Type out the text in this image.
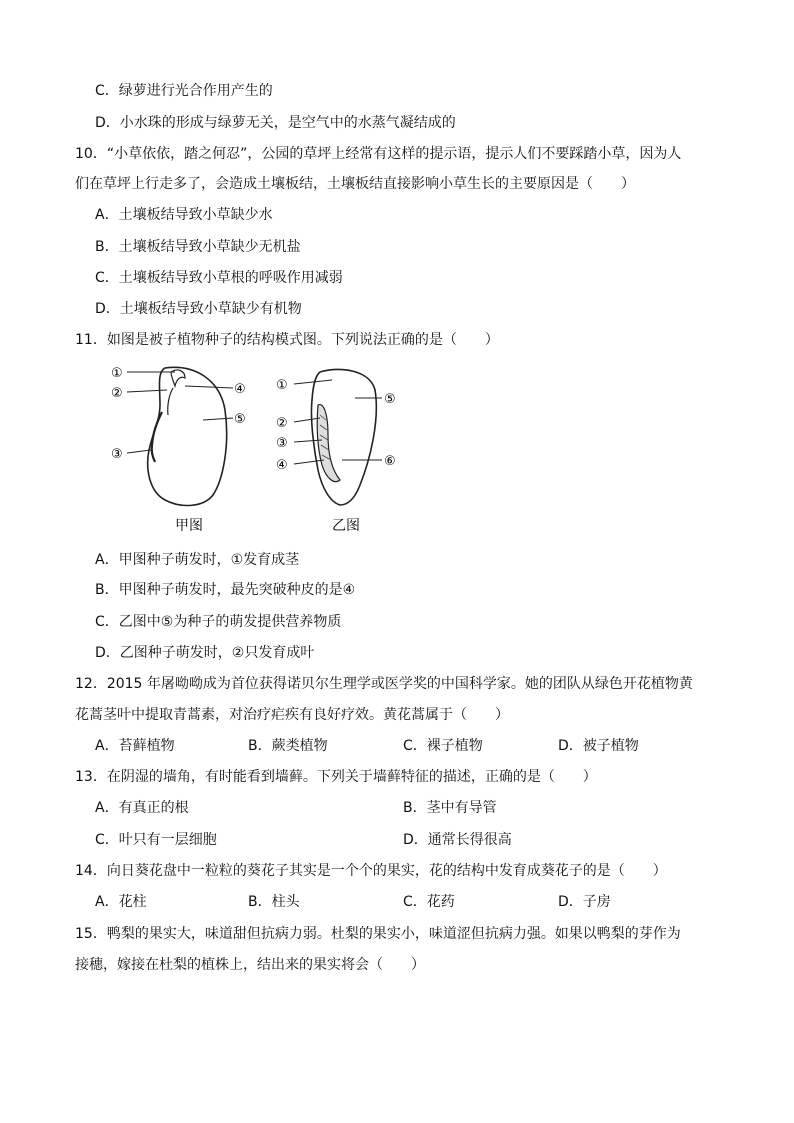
C．绿萝进行光合作用产生的
D．小水珠的形成与绿萝无关，是空气中的水蒸气凝结成的
10．“小草依依，踏之何忍”，公园的草坪上经常有这样的提示语，提示人们不要踩踏小草，因为人
们在草坪上行走多了，会造成土壤板结，土壤板结直接影响小草生长的主要原因是（　　）
A．土壤板结导致小草缺少水
B．土壤板结导致小草缺少无机盐
C．土壤板结导致小草根的呼吸作用减弱
D．土壤板结导致小草缺少有机物
11．如图是被子植物种子的结构模式图。下列说法正确的是（　　）
①
②
③
④
⑤
甲图
①
②
③
④
⑤
⑥
乙图
A．甲图种子萌发时，①发育成茎
B．甲图种子萌发时，最先突破种皮的是④
C．乙图中⑤为种子的萌发提供营养物质
D．乙图种子萌发时，②只发育成叶
12．2015 年屠呦呦成为首位获得诺贝尔生理学或医学奖的中国科学家。她的团队从绿色开花植物黄
花蒿茎叶中提取青蒿素，对治疗疟疾有良好疗效。黄花蒿属于（　　）
A．苔藓植物	B．蕨类植物	C．裸子植物	D．被子植物
13．在阴湿的墙角，有时能看到墙藓。下列关于墙藓特征的描述，正确的是（　　）
A．有真正的根	B．茎中有导管
C．叶只有一层细胞	D．通常长得很高
14．向日葵花盘中一粒粒的葵花子其实是一个个的果实，花的结构中发育成葵花子的是（　　）
A．花柱	B．柱头	C．花药	D．子房
15．鸭梨的果实大，味道甜但抗病力弱。杜梨的果实小，味道涩但抗病力强。如果以鸭梨的芽作为
接穗，嫁接在杜梨的植株上，结出来的果实将会（　　）
